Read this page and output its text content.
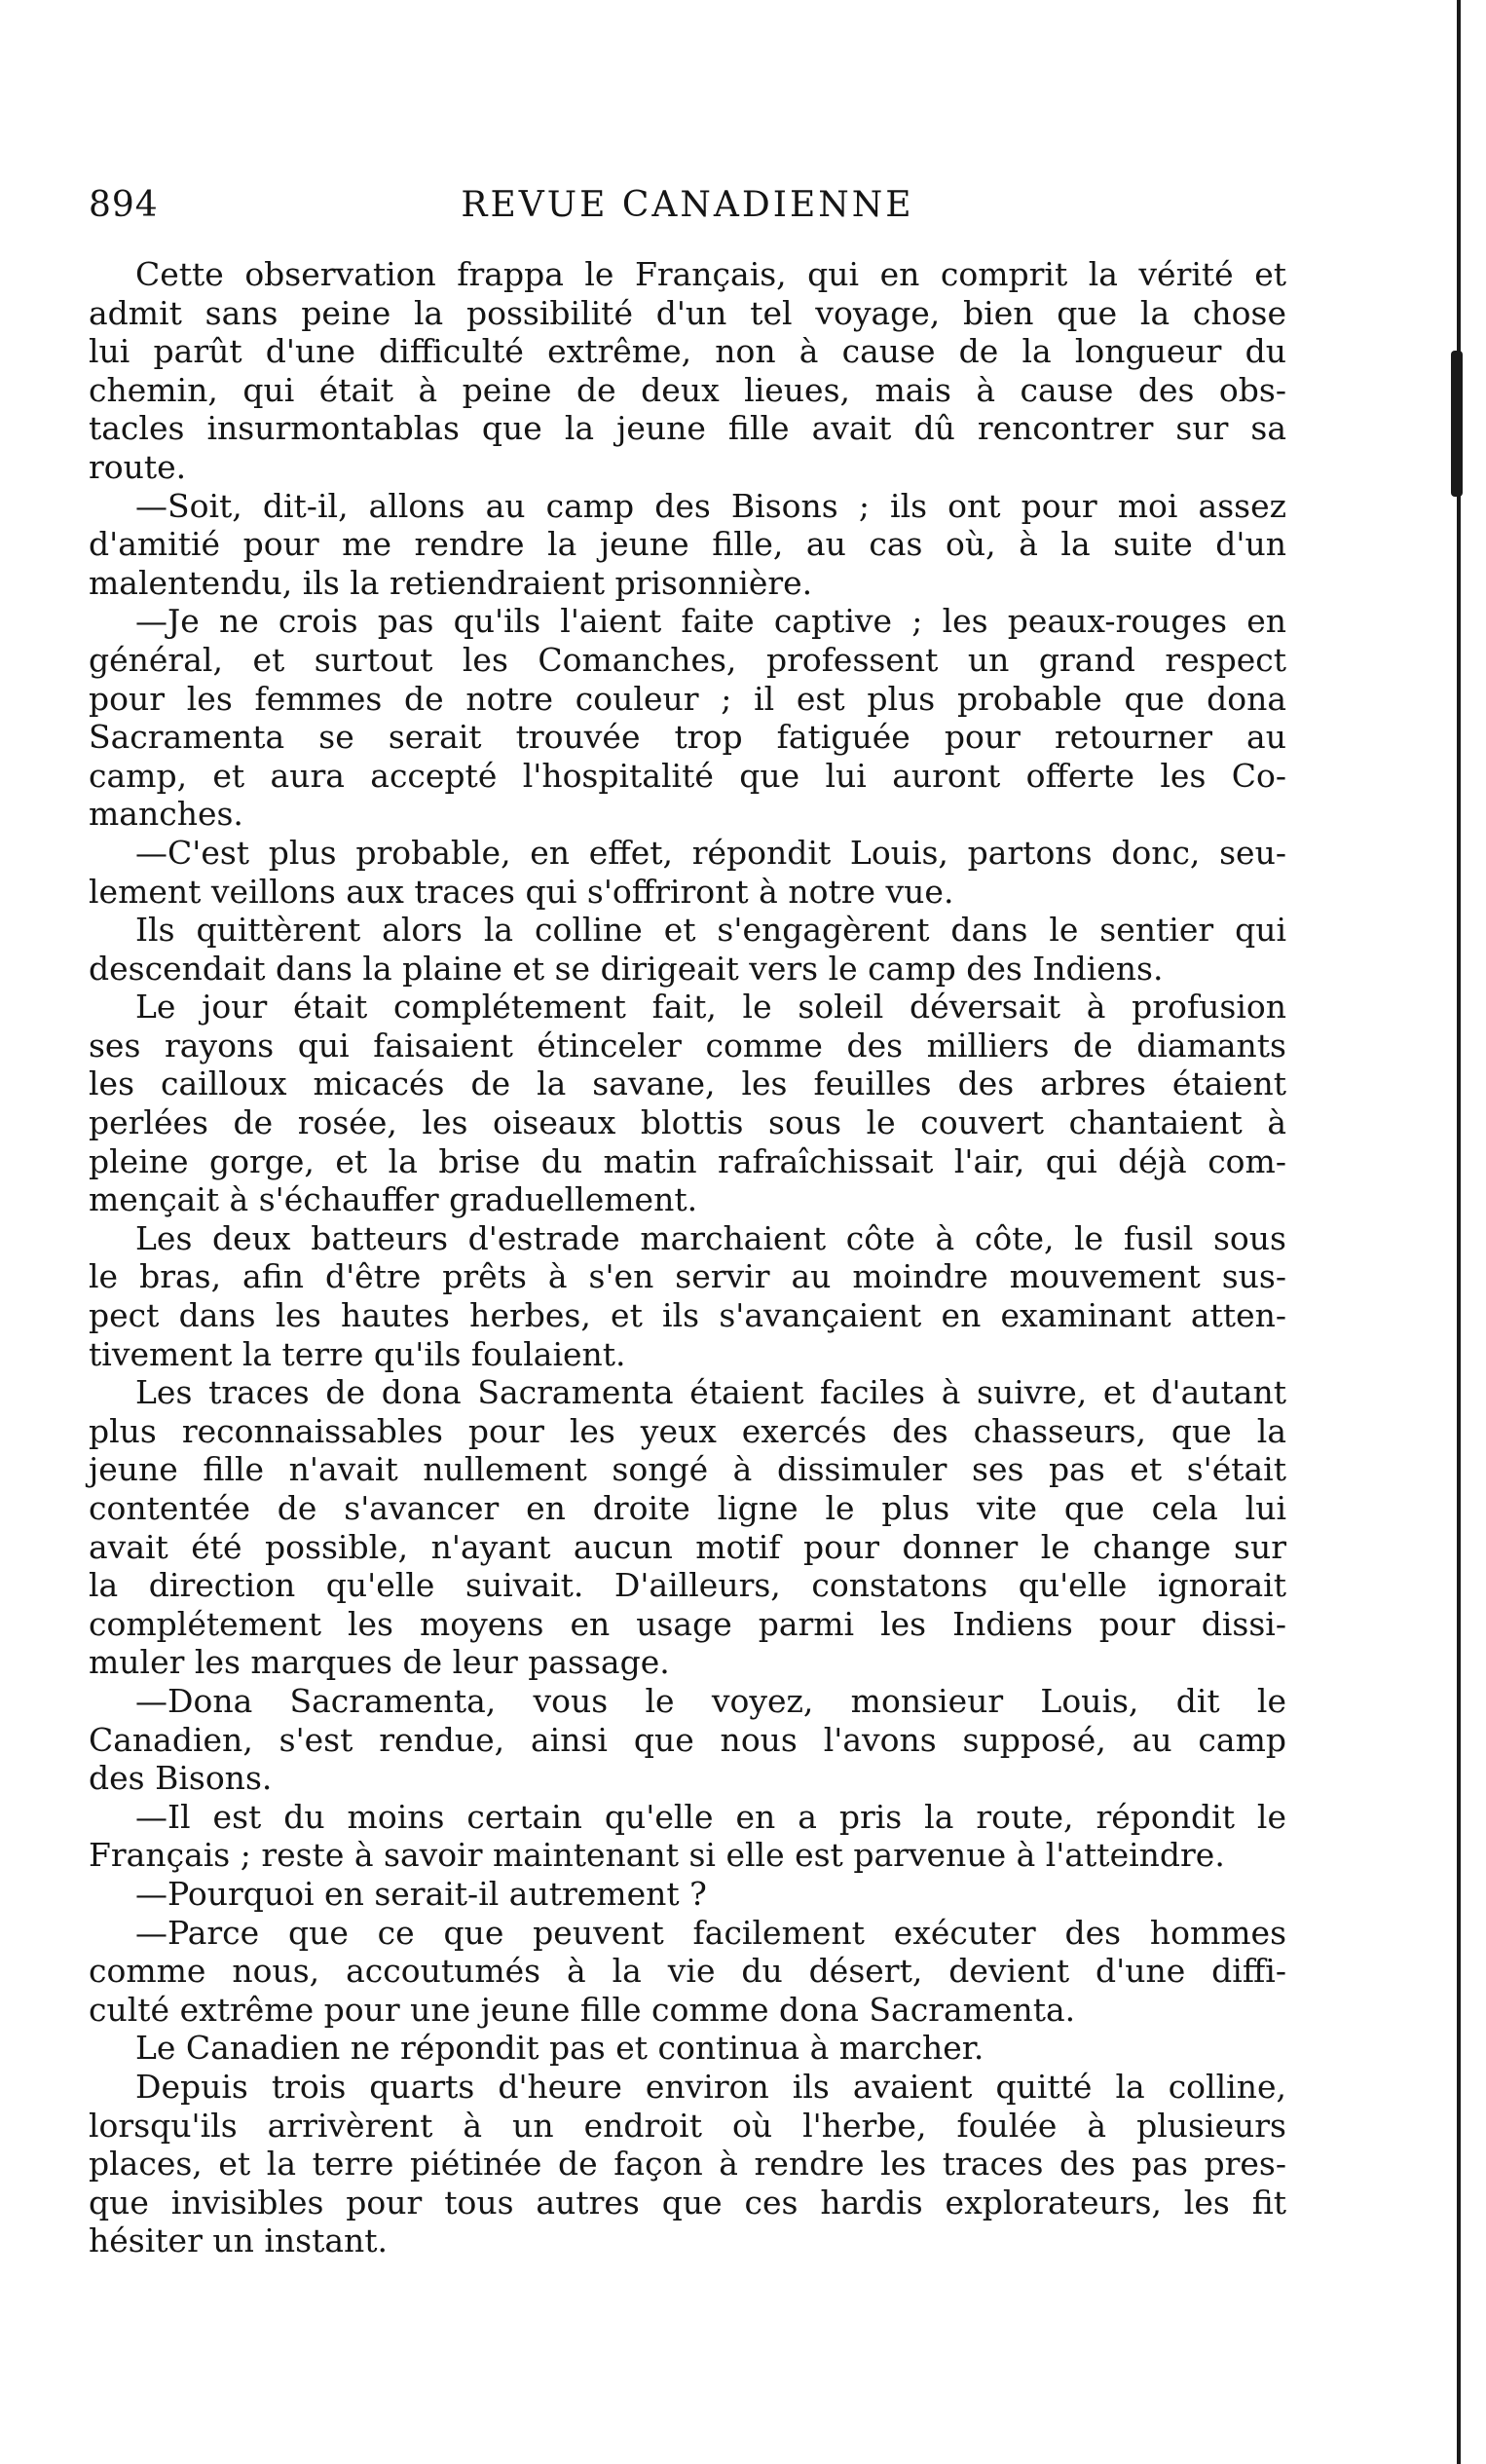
894	REVUE CANADIENNE
Cette observation frappa le Français, qui en comprit la vérité et
admit sans peine la possibilité d'un tel voyage, bien que la chose
lui parût d'une difficulté extrême, non à cause de la longueur du
chemin, qui était à peine de deux lieues, mais à cause des obs-
tacles insurmontablas que la jeune fille avait dû rencontrer sur sa
route.
—Soit, dit-il, allons au camp des Bisons ; ils ont pour moi assez
d'amitié pour me rendre la jeune fille, au cas où, à la suite d'un
malentendu, ils la retiendraient prisonnière.
—Je ne crois pas qu'ils l'aient faite captive ; les peaux-rouges en
général, et surtout les Comanches, professent un grand respect
pour les femmes de notre couleur ; il est plus probable que dona
Sacramenta se serait trouvée trop fatiguée pour retourner au
camp, et aura accepté l'hospitalité que lui auront offerte les Co-
manches.
—C'est plus probable, en effet, répondit Louis, partons donc, seu-
lement veillons aux traces qui s'offriront à notre vue.
Ils quittèrent alors la colline et s'engagèrent dans le sentier qui
descendait dans la plaine et se dirigeait vers le camp des Indiens.
Le jour était complétement fait, le soleil déversait à profusion
ses rayons qui faisaient étinceler comme des milliers de diamants
les cailloux micacés de la savane, les feuilles des arbres étaient
perlées de rosée, les oiseaux blottis sous le couvert chantaient à
pleine gorge, et la brise du matin rafraîchissait l'air, qui déjà com-
mençait à s'échauffer graduellement.
Les deux batteurs d'estrade marchaient côte à côte, le fusil sous
le bras, afin d'être prêts à s'en servir au moindre mouvement sus-
pect dans les hautes herbes, et ils s'avançaient en examinant atten-
tivement la terre qu'ils foulaient.
Les traces de dona Sacramenta étaient faciles à suivre, et d'autant
plus reconnaissables pour les yeux exercés des chasseurs, que la
jeune fille n'avait nullement songé à dissimuler ses pas et s'était
contentée de s'avancer en droite ligne le plus vite que cela lui
avait été possible, n'ayant aucun motif pour donner le change sur
la direction qu'elle suivait. D'ailleurs, constatons qu'elle ignorait
complétement les moyens en usage parmi les Indiens pour dissi-
muler les marques de leur passage.
—Dona Sacramenta, vous le voyez, monsieur Louis, dit le
Canadien, s'est rendue, ainsi que nous l'avons supposé, au camp
des Bisons.
—Il est du moins certain qu'elle en a pris la route, répondit le
Français ; reste à savoir maintenant si elle est parvenue à l'atteindre.
—Pourquoi en serait-il autrement ?
—Parce que ce que peuvent facilement exécuter des hommes
comme nous, accoutumés à la vie du désert, devient d'une diffi-
culté extrême pour une jeune fille comme dona Sacramenta.
Le Canadien ne répondit pas et continua à marcher.
Depuis trois quarts d'heure environ ils avaient quitté la colline,
lorsqu'ils arrivèrent à un endroit où l'herbe, foulée à plusieurs
places, et la terre piétinée de façon à rendre les traces des pas pres-
que invisibles pour tous autres que ces hardis explorateurs, les fit
hésiter un instant.
